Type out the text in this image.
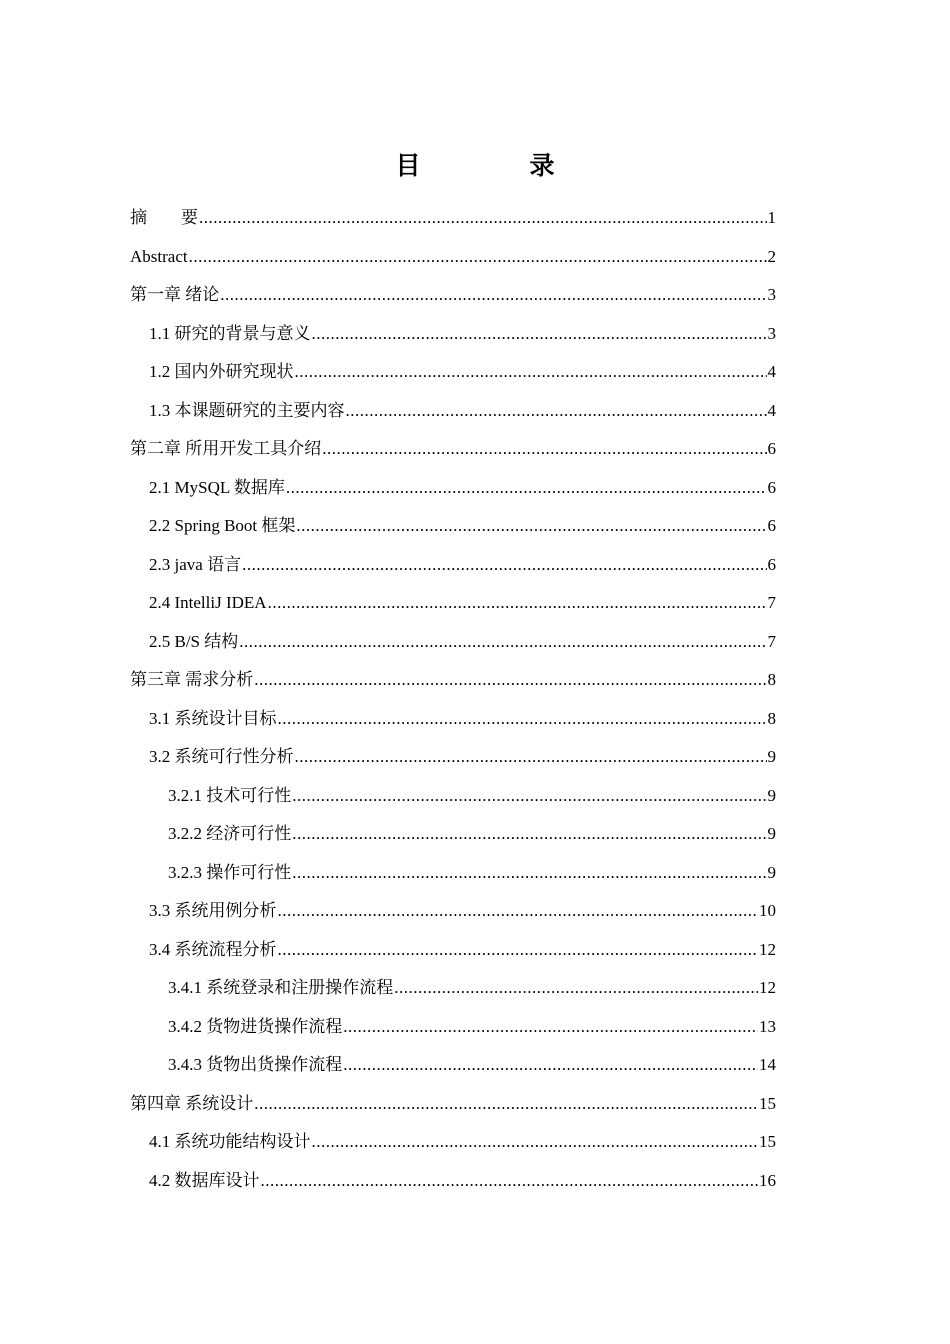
目　录
摘　　要 .....	1
Abstract .....	2
第一章 绪论 .....	3
1.1 研究的背景与意义 .....	3
1.2 国内外研究现状 .....	4
1.3 本课题研究的主要内容 .....	4
第二章 所用开发工具介绍 .....	6
2.1 MySQL 数据库 .....	6
2.2 Spring Boot 框架 .....	6
2.3 java 语言 .....	6
2.4 IntelliJ IDEA .....	7
2.5 B/S 结构 .....	7
第三章 需求分析 .....	8
3.1 系统设计目标 .....	8
3.2 系统可行性分析 .....	9
3.2.1 技术可行性 .....	9
3.2.2 经济可行性 .....	9
3.2.3 操作可行性 .....	9
3.3 系统用例分析 .....	10
3.4 系统流程分析 .....	12
3.4.1 系统登录和注册操作流程 .....	12
3.4.2 货物进货操作流程 .....	13
3.4.3 货物出货操作流程 .....	14
第四章 系统设计 .....	15
4.1 系统功能结构设计 .....	15
4.2 数据库设计 .....	16
